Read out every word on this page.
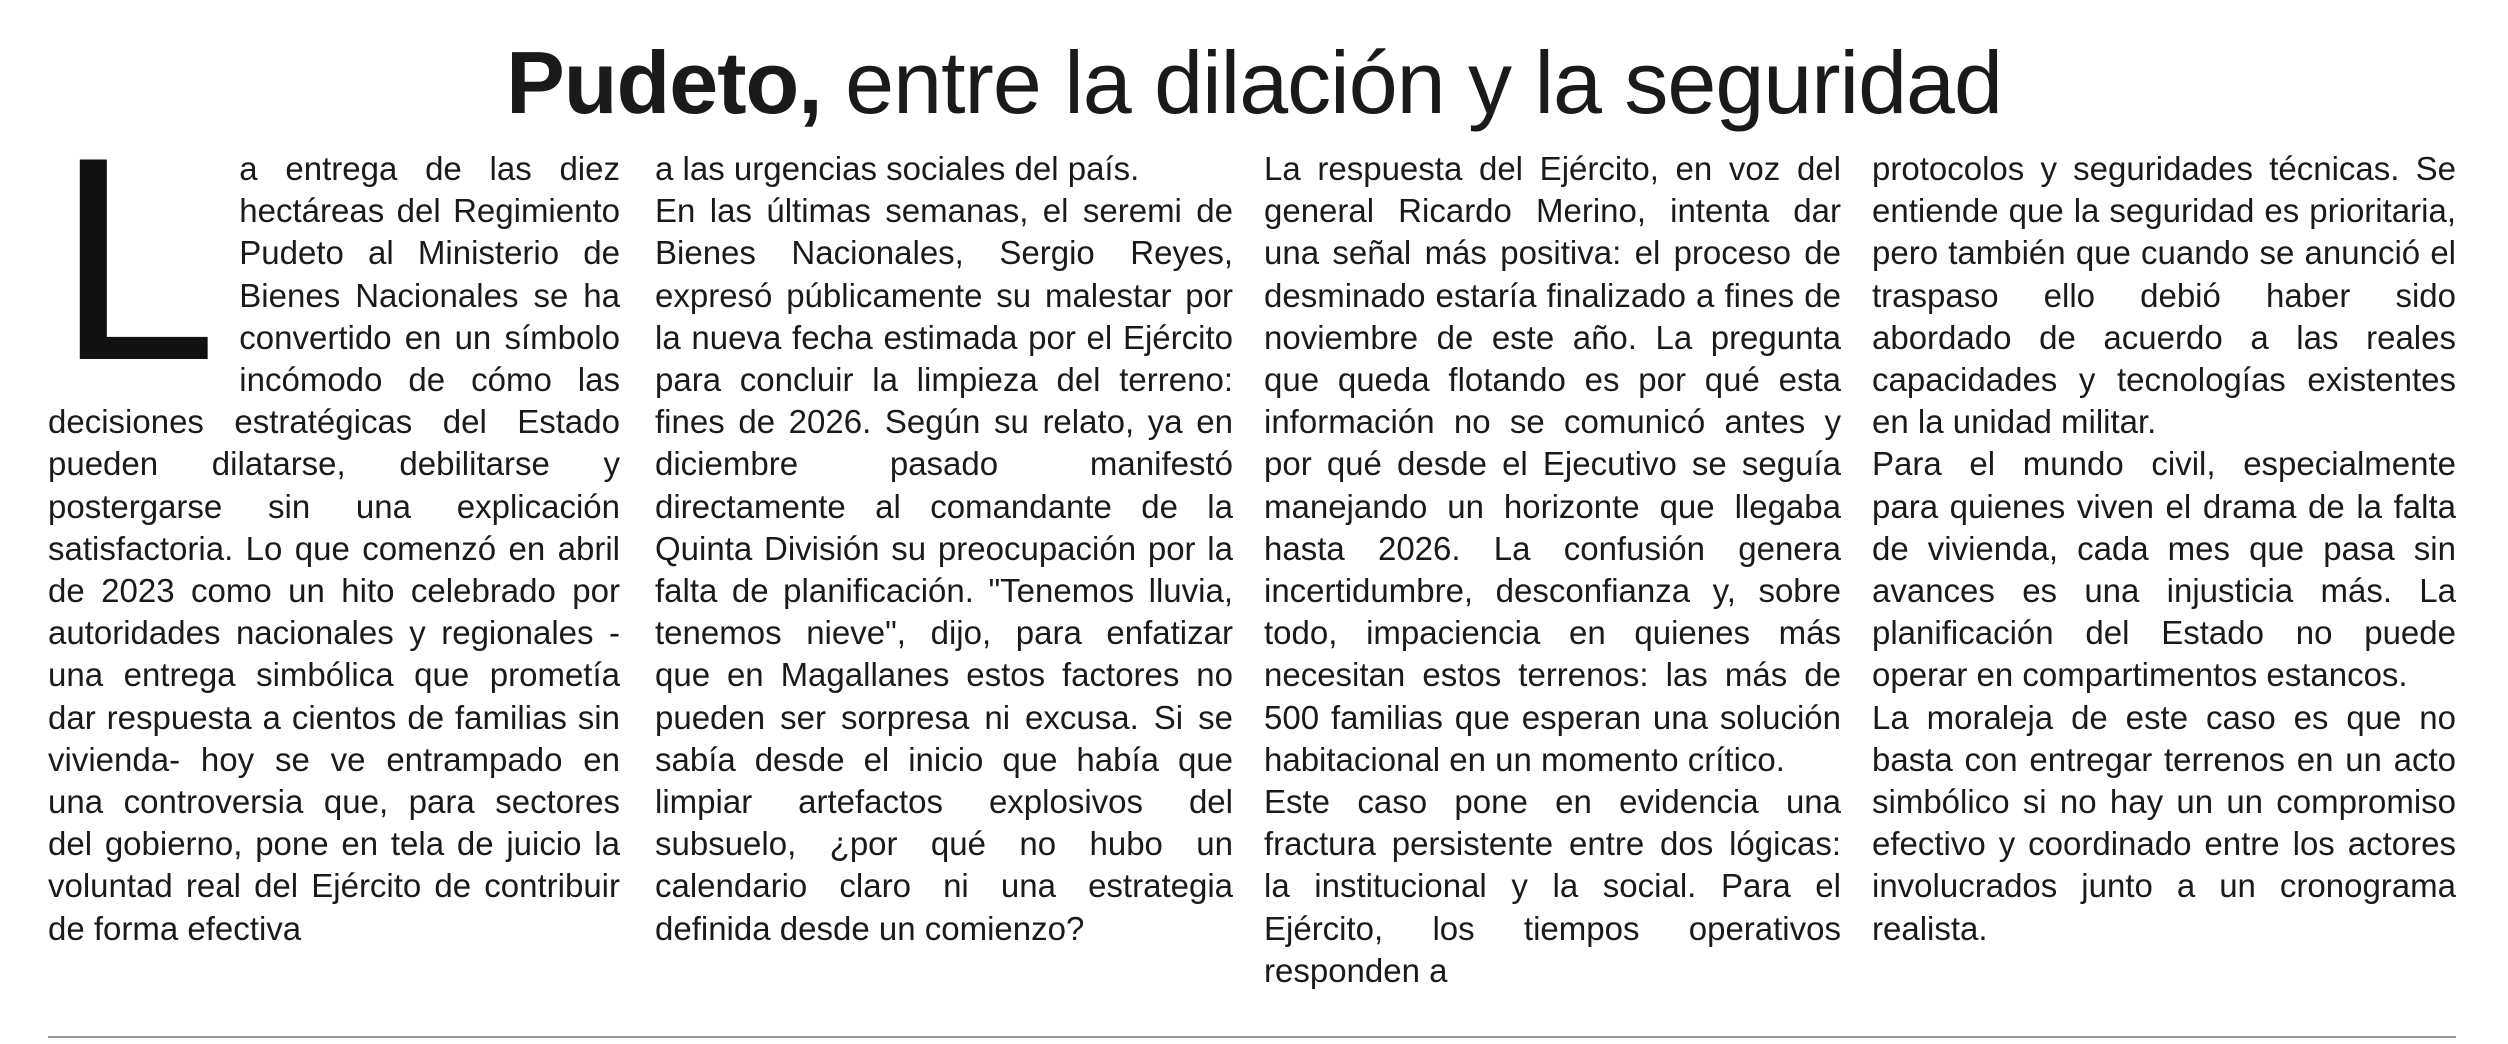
Pudeto, entre la dilación y la seguridad
L a entrega de las diez hectáreas del Regimiento Pudeto al Ministerio de Bienes Nacionales se ha convertido en un símbolo incómodo de cómo las decisiones estratégicas del Estado pueden dilatarse, debilitarse y postergarse sin una explicación satisfactoria. Lo que comenzó en abril de 2023 como un hito celebrado por autoridades nacionales y regionales -una entrega simbólica que prometía dar respuesta a cientos de familias sin vivienda- hoy se ve entrampado en una controversia que, para sectores del gobierno, pone en tela de juicio la voluntad real del Ejército de contribuir de forma efectiva

a las urgencias sociales del país.

En las últimas semanas, el seremi de Bienes Nacionales, Sergio Reyes, expresó públicamente su malestar por la nueva fecha estimada por el Ejército para concluir la limpieza del terreno: fines de 2026. Según su relato, ya en diciembre pasado manifestó directamente al comandante de la Quinta División su preocupación por la falta de planificación. "Tenemos lluvia, tenemos nieve", dijo, para enfatizar que en Magallanes estos factores no pueden ser sorpresa ni excusa. Si se sabía desde el inicio que había que limpiar artefactos explosivos del subsuelo, ¿por qué no hubo un calendario claro ni una estrategia definida desde un comienzo?

La respuesta del Ejército, en voz del general Ricardo Merino, intenta dar una señal más positiva: el proceso de desminado estaría finalizado a fines de noviembre de este año. La pregunta que queda flotando es por qué esta información no se comunicó antes y por qué desde el Ejecutivo se seguía manejando un horizonte que llegaba hasta 2026. La confusión genera incertidumbre, desconfianza y, sobre todo, impaciencia en quienes más necesitan estos terrenos: las más de 500 familias que esperan una solución habitacional en un momento crítico.

Este caso pone en evidencia una fractura persistente entre dos lógicas: la institucional y la social. Para el Ejército, los tiempos operativos responden a

protocolos y seguridades técnicas. Se entiende que la seguridad es prioritaria, pero también que cuando se anunció el traspaso ello debió haber sido abordado de acuerdo a las reales capacidades y tecnologías existentes en la unidad militar.

Para el mundo civil, especialmente para quienes viven el drama de la falta de vivienda, cada mes que pasa sin avances es una injusticia más. La planificación del Estado no puede operar en compartimentos estancos.

La moraleja de este caso es que no basta con entregar terrenos en un acto simbólico si no hay un un compromiso efectivo y coordinado entre los actores involucrados junto a un cronograma realista.
